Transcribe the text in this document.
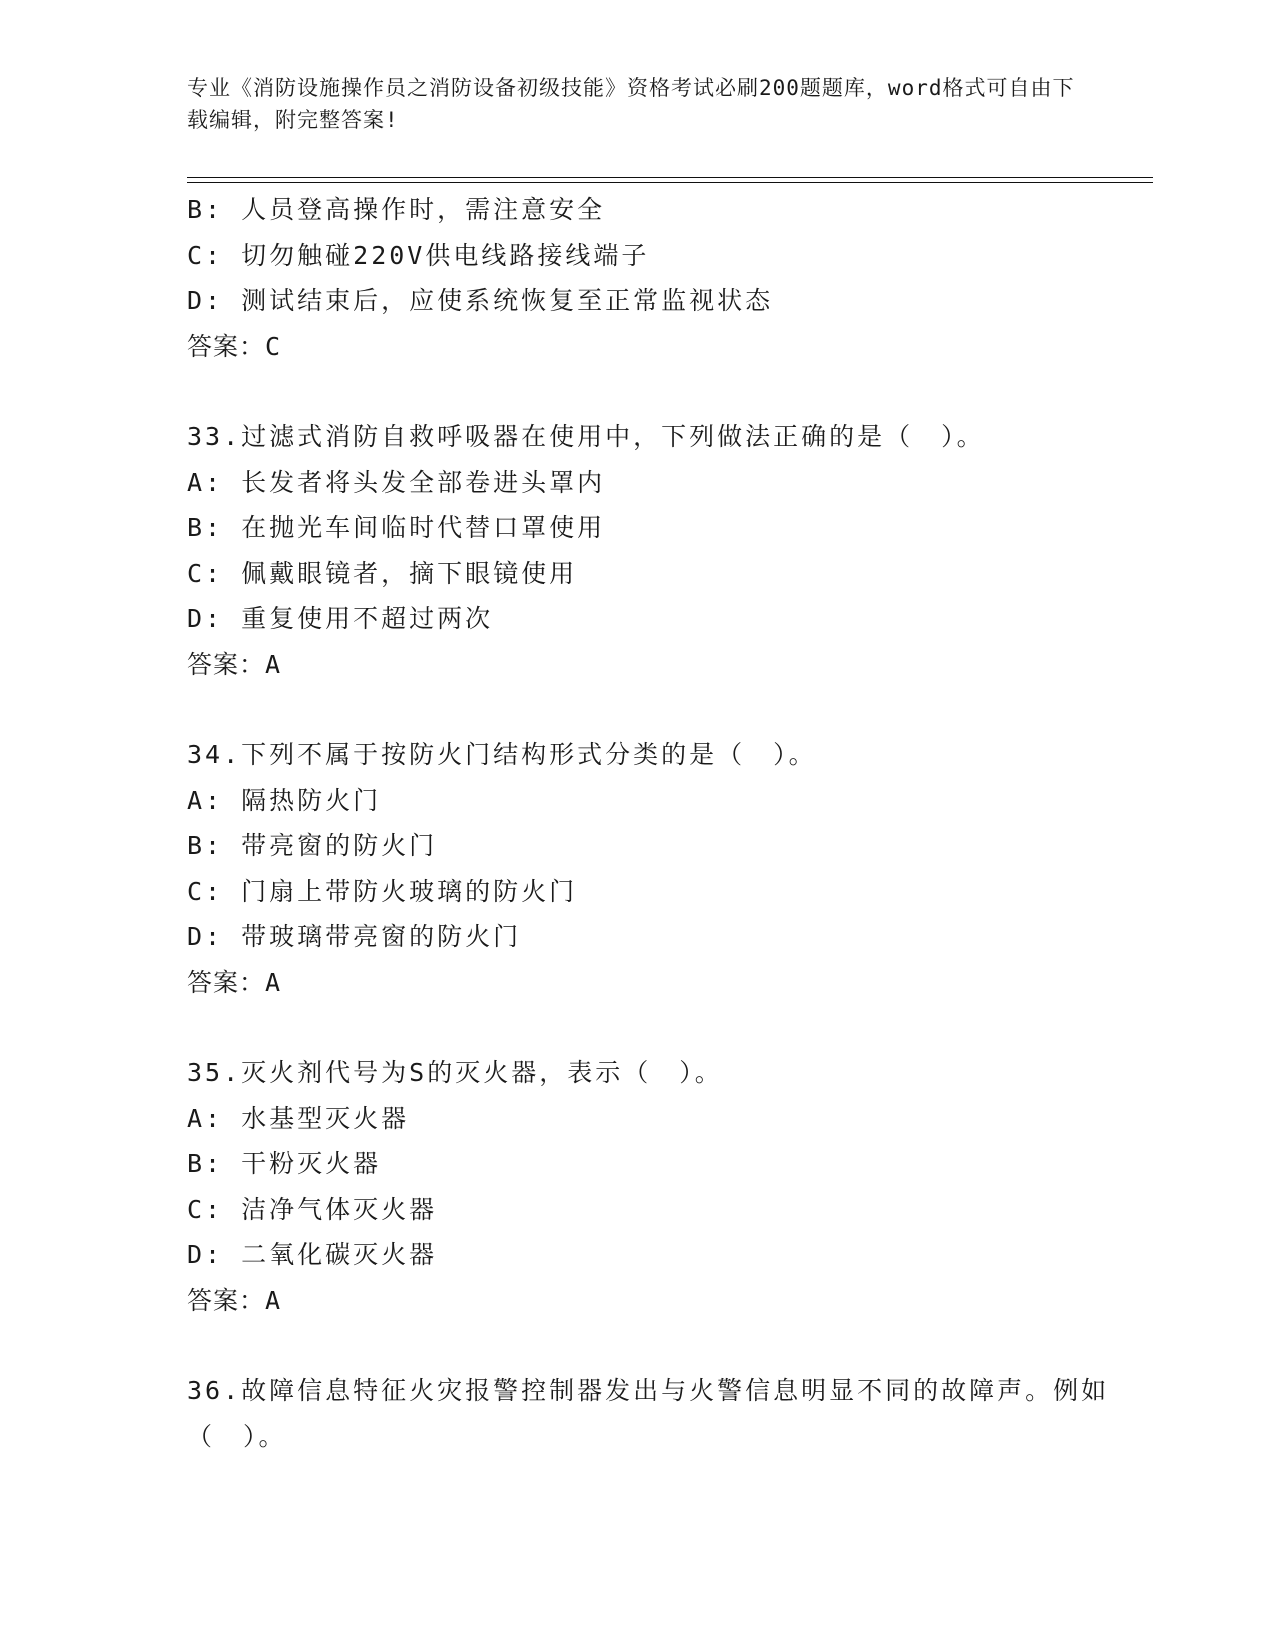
专业《消防设施操作员之消防设备初级技能》资格考试必刷200题题库，word格式可自由下载编辑，附完整答案!
B: 人员登高操作时，需注意安全
C: 切勿触碰220V供电线路接线端子
D: 测试结束后，应使系统恢复至正常监视状态
答案：C
33.过滤式消防自救呼吸器在使用中，下列做法正确的是（　）。
A: 长发者将头发全部卷进头罩内
B: 在抛光车间临时代替口罩使用
C: 佩戴眼镜者，摘下眼镜使用
D: 重复使用不超过两次
答案：A
34.下列不属于按防火门结构形式分类的是（　）。
A: 隔热防火门
B: 带亮窗的防火门
C: 门扇上带防火玻璃的防火门
D: 带玻璃带亮窗的防火门
答案：A
35.灭火剂代号为S的灭火器，表示（　）。
A: 水基型灭火器
B: 干粉灭火器
C: 洁净气体灭火器
D: 二氧化碳灭火器
答案：A
36.故障信息特征火灾报警控制器发出与火警信息明显不同的故障声。例如（　）。
